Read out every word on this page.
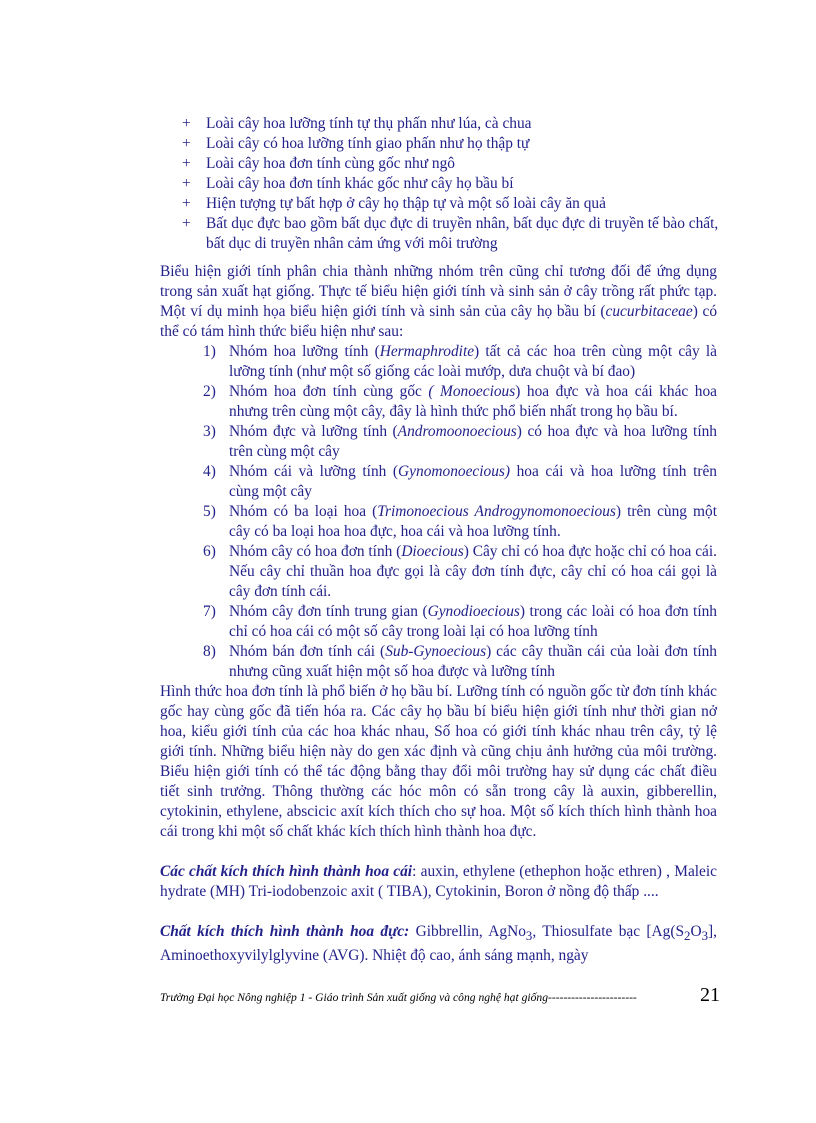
+ Loài cây hoa lưỡng tính tự thụ phấn như lúa, cà chua
+ Loài cây có hoa lưỡng tính giao phấn như họ thập tự
+ Loài cây hoa đơn tính cùng gốc như ngô
+ Loài cây hoa đơn tính khác gốc như cây họ bầu bí
+ Hiện tượng tự bất hợp ở cây họ thập tự và một số loài cây ăn quả
+ Bất dục đực bao gồm bất dục đực di truyền nhân, bất dục đực di truyền tế bào chất, bất dục di truyền nhân cảm ứng với môi trường

Biểu hiện giới tính phân chia thành những nhóm trên cũng chỉ tương đối để ứng dụng trong sản xuất hạt giống. Thực tế biểu hiện giới tính và sinh sản ở cây trồng rất phức tạp. Một ví dụ minh họa biểu hiện giới tính và sinh sản của cây họ bầu bí (cucurbitaceae) có thể có tám hình thức biểu hiện như sau:

1) Nhóm hoa lưỡng tính (Hermaphrodite) tất cả các hoa trên cùng một cây là lưỡng tính (như một số giống các loài mướp, dưa chuột và bí đao)
2) Nhóm hoa đơn tính cùng gốc ( Monoecious) hoa đực và hoa cái khác hoa nhưng trên cùng một cây, đây là hình thức phổ biến nhất trong họ bầu bí.
3) Nhóm đực và lưỡng tính (Andromoonoecious) có hoa đực và hoa lưỡng tính trên cùng một cây
4) Nhóm cái và lưỡng tính (Gynomonoecious) hoa cái và hoa lưỡng tính trên cùng một cây
5) Nhóm có ba loại hoa (Trimonoecious Androgynomonoecious) trên cùng một cây có ba loại hoa hoa đực, hoa cái và hoa lưỡng tính.
6) Nhóm cây có hoa đơn tính (Dioecious) Cây chỉ có hoa đực hoặc chỉ có hoa cái. Nếu cây chỉ thuần hoa đực gọi là cây đơn tính đực, cây chỉ có hoa cái gọi là cây đơn tính cái.
7) Nhóm cây đơn tính trung gian (Gynodioecious) trong các loài có hoa đơn tính chỉ có hoa cái có một số cây trong loài lại có hoa lưỡng tính
8) Nhóm bán đơn tính cái (Sub-Gynoecious) các cây thuần cái của loài đơn tính nhưng cũng xuất hiện một số hoa được và lưỡng tính

Hình thức hoa đơn tính là phổ biến ở họ bầu bí. Lưỡng tính có nguồn gốc từ đơn tính khác gốc hay cùng gốc đã tiến hóa ra. Các cây họ bầu bí biểu hiện giới tính như thời gian nở hoa, kiểu giới tính của các hoa khác nhau, Số hoa có giới tính khác nhau trên cây, tỷ lệ giới tính. Những biểu hiện này do gen xác định và cũng chịu ảnh hưởng của môi trường. Biểu hiện giới tính có thể tác động bằng thay đổi môi trường hay sử dụng các chất điều tiết sinh trưởng. Thông thường các hóc môn có sẵn trong cây là auxin, gibberellin, cytokinin, ethylene, abscicic axít kích thích cho sự hoa. Một số kích thích hình thành hoa cái trong khi một số chất khác kích thích hình thành hoa đực.

Các chất kích thích hình thành hoa cái: auxin, ethylene (ethephon hoặc ethren) , Maleic hydrate (MH) Tri-iodobenzoic axit ( TIBA), Cytokinin, Boron ở nồng độ thấp ....

Chất kích thích hình thành hoa đực: Gibbrellin, AgNo$_3$, Thiosulfate bạc [$Ag(S_2O_3]$, Aminoethoxyvilylglyvine (AVG). Nhiệt độ cao, ánh sáng mạnh, ngày

Trường Đại học Nông nghiệp 1 - Giáo trình Sản xuất giống và công nghệ hạt giống-----------------------	21
